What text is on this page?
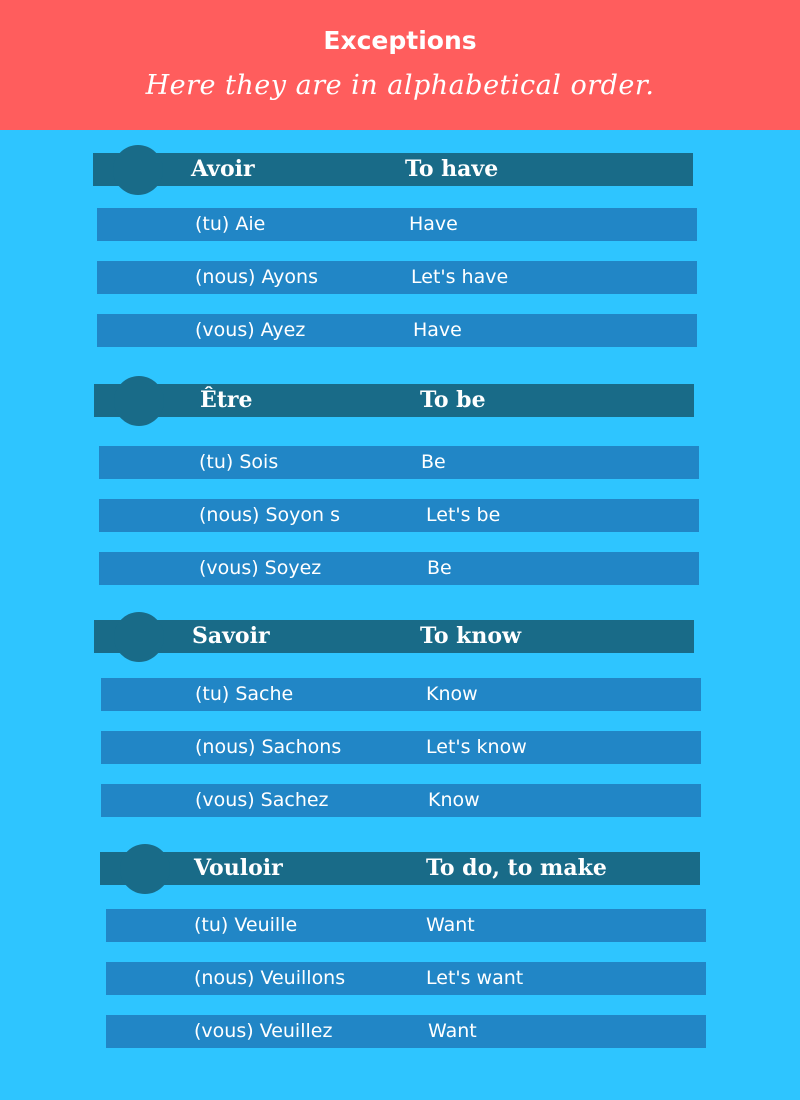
Exceptions
Here they are in alphabetical order.
Avoir	To have
(tu) Aie	Have
(nous) Ayons	Let's have
(vous) Ayez	Have
Être	To be
(tu) Sois	Be
(nous) Soyon s	Let's be
(vous) Soyez	Be
Savoir	To know
(tu) Sache	Know
(nous) Sachons	Let's know
(vous) Sachez	Know
Vouloir	To do, to make
(tu) Veuille	Want
(nous) Veuillons	Let's want
(vous) Veuillez	Want
